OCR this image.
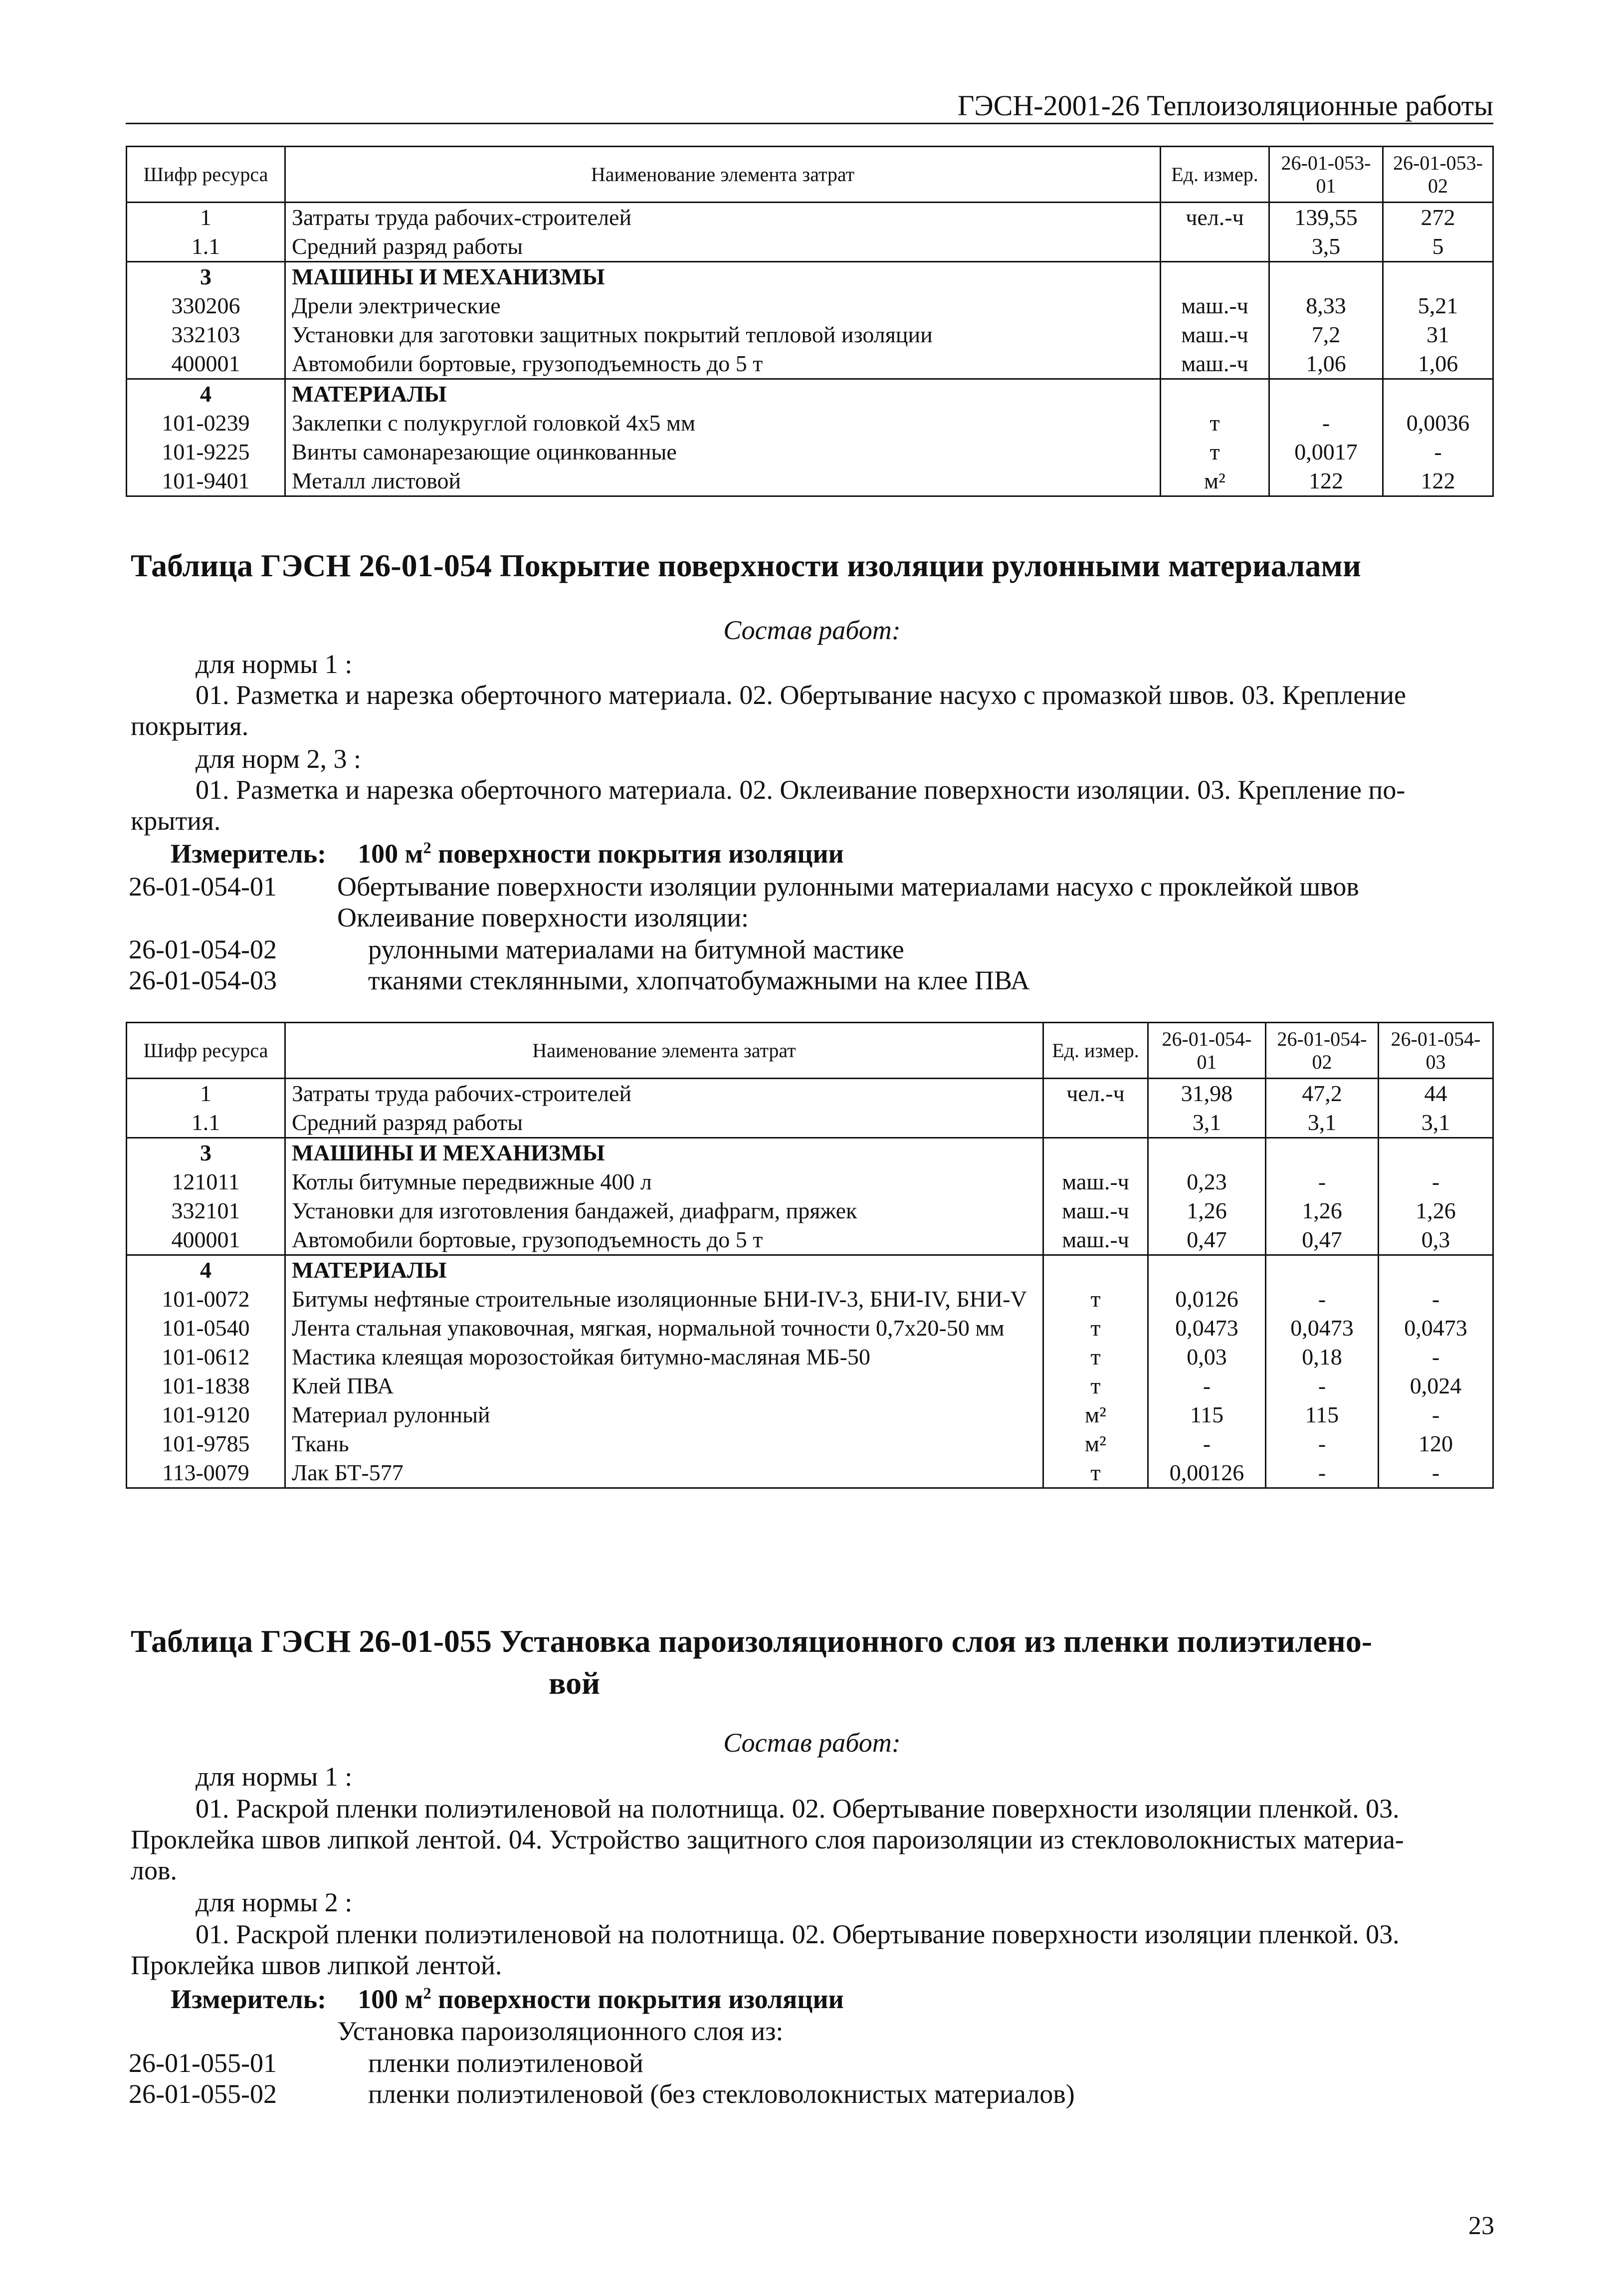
ГЭСН-2001-26 Теплоизоляционные работы
Шифр ресурса	Наименование элемента затрат	Ед. измер.	26-01-053-01	26-01-053-02
1	Затраты труда рабочих-строителей	чел.-ч	139,55	272
1.1	Средний разряд работы		3,5	5
3	МАШИНЫ И МЕХАНИЗМЫ			
330206	Дрели электрические	маш.-ч	8,33	5,21
332103	Установки для заготовки защитных покрытий тепловой изоляции	маш.-ч	7,2	31
400001	Автомобили бортовые, грузоподъемность до 5 т	маш.-ч	1,06	1,06
4	МАТЕРИАЛЫ			
101-0239	Заклепки с полукруглой головкой 4х5 мм	т	-	0,0036
101-9225	Винты самонарезающие оцинкованные	т	0,0017	-
101-9401	Металл листовой	м²	122	122
Таблица ГЭСН 26-01-054 Покрытие поверхности изоляции рулонными материалами
Состав работ:
для нормы 1 :
01. Разметка и нарезка оберточного материала. 02. Обертывание насухо с промазкой швов. 03. Крепление
покрытия.
для норм 2, 3 :
01. Разметка и нарезка оберточного материала. 02. Оклеивание поверхности изоляции. 03. Крепление по-
крытия.
Измеритель: 100 $м^2$ поверхности покрытия изоляции
26-01-054-01 Обертывание поверхности изоляции рулонными материалами насухо с проклейкой швов
Оклеивание поверхности изоляции:
26-01-054-02	рулонными материалами на битумной мастике
26-01-054-03	тканями стеклянными, хлопчатобумажными на клее ПВА
Шифр ресурса	Наименование элемента затрат	Ед. измер.	26-01-054-01	26-01-054-02	26-01-054-03
1	Затраты труда рабочих-строителей	чел.-ч	31,98	47,2	44
1.1	Средний разряд работы		3,1	3,1	3,1
3	МАШИНЫ И МЕХАНИЗМЫ				
121011	Котлы битумные передвижные 400 л	маш.-ч	0,23	-	-
332101	Установки для изготовления бандажей, диафрагм, пряжек	маш.-ч	1,26	1,26	1,26
400001	Автомобили бортовые, грузоподъемность до 5 т	маш.-ч	0,47	0,47	0,3
4	МАТЕРИАЛЫ				
101-0072	Битумы нефтяные строительные изоляционные БНИ-IV-3, БНИ-IV, БНИ-V	т	0,0126	-	-
101-0540	Лента стальная упаковочная, мягкая, нормальной точности 0,7х20-50 мм	т	0,0473	0,0473	0,0473
101-0612	Мастика клеящая морозостойкая битумно-масляная МБ-50	т	0,03	0,18	-
101-1838	Клей ПВА	т	-	-	0,024
101-9120	Материал рулонный	м²	115	115	-
101-9785	Ткань	м²	-	-	120
113-0079	Лак БТ-577	т	0,00126	-	-
Таблица ГЭСН 26-01-055 Установка пароизоляционного слоя из пленки полиэтилено-
вой
Состав работ:
для нормы 1 :
01. Раскрой пленки полиэтиленовой на полотнища. 02. Обертывание поверхности изоляции пленкой. 03.
Проклейка швов липкой лентой. 04. Устройство защитного слоя пароизоляции из стекловолокнистых материа-
лов.
для нормы 2 :
01. Раскрой пленки полиэтиленовой на полотнища. 02. Обертывание поверхности изоляции пленкой. 03.
Проклейка швов липкой лентой.
Измеритель: 100 $м^2$ поверхности покрытия изоляции
Установка пароизоляционного слоя из:
26-01-055-01	пленки полиэтиленовой
26-01-055-02	пленки полиэтиленовой (без стекловолокнистых материалов)
23
